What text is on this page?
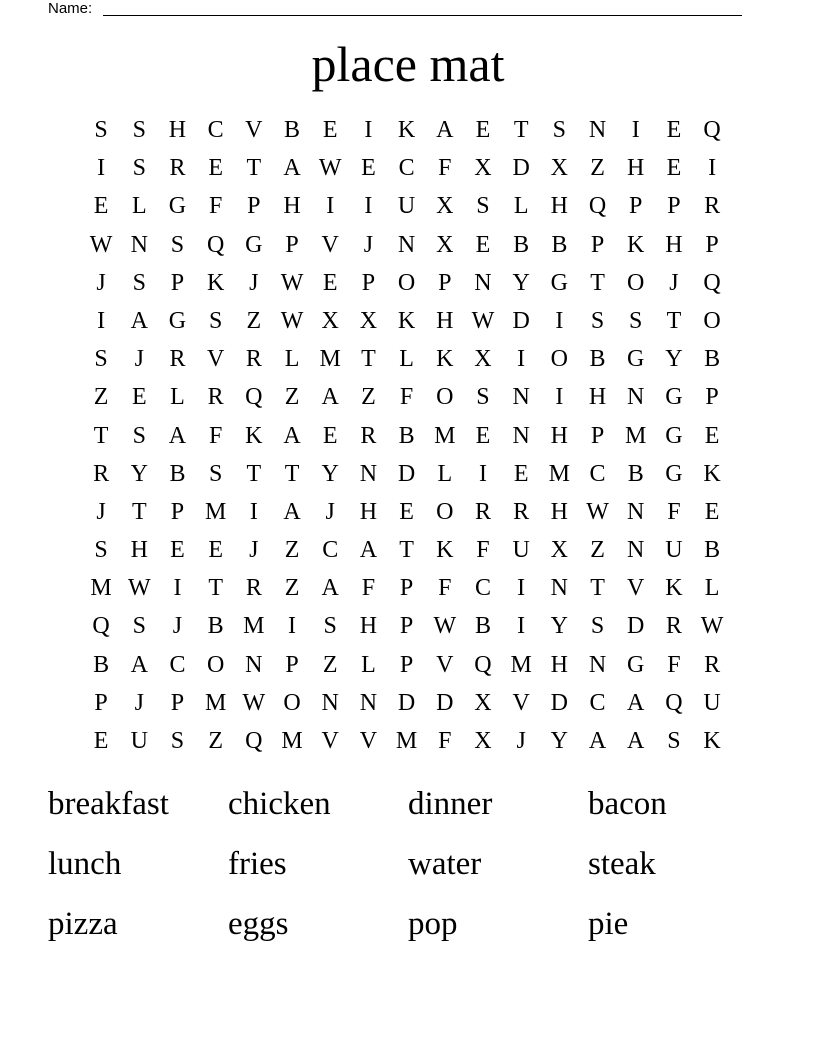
Name:
place mat
S	S H C V B E	I	K A E T	S N	I	E Q
I	S R E T A W E C F X D X Z H E	I
E L G F	P H	I	I	U X S	L H Q P	P R
W N S Q G P V	J	N X E B B P K H P
J	S	P K	J W E	P O P N Y G T O	J	Q
I	A G S	Z W X X K H W D	I	S	S	T O
S	J	R V R L M T L K X	I	O B G Y B
Z E L R Q Z A Z	F O S N	I	H N G P
T	S A F K A E R B M E N H P M G E
R Y B S	T T Y N D L	I	E M C B G K
J	T	P M I	A	J	H E O R R H W N F	E
S H E E	J	Z C A T K F U X Z N U B
M W I	T R Z A F	P	F C	I	N T V K L
Q S	J	B M I	S H P W B	I	Y S D R W
B A C O N P	Z L	P V Q M H N G F R
P	J	P M W O N N D D X V D C A Q U
E U S	Z Q M V V M F X	J	Y A A S K
breakfast	chicken	dinner	bacon
lunch	fries	water	steak
pizza	eggs	pop	pie
